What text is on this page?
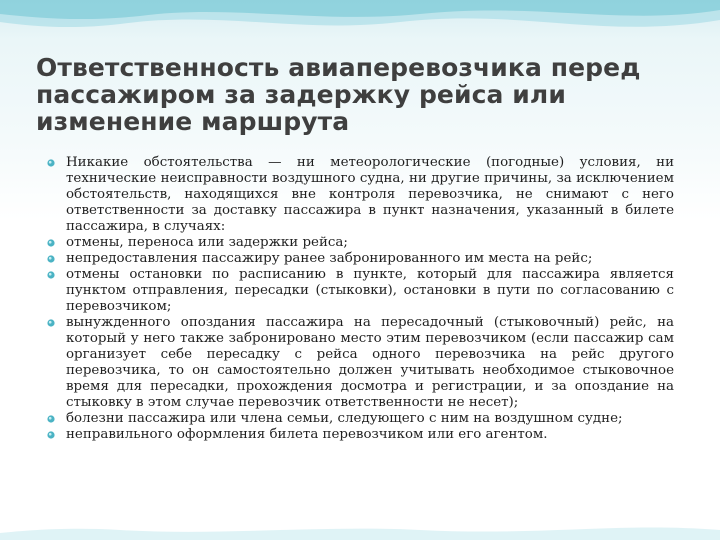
Ответственность авиаперевозчика перед пассажиром за задержку рейса или изменение маршрута
Никакие обстоятельства — ни метеорологические (погодные) условия, ни технические неисправности воздушного судна, ни другие причины, за исключением обстоятельств, находящихся вне контроля перевозчика, не снимают с него ответственности за доставку пассажира в пункт назначения, указанный в билете пассажира, в случаях:
отмены, переноса или задержки рейса;
непредоставления пассажиру ранее забронированного им места на рейс;
отмены остановки по расписанию в пункте, который для пассажира является пунктом отправления, пересадки (стыковки), остановки в пути по согласованию с перевозчиком;
вынужденного опоздания пассажира на пересадочный (стыковочный) рейс, на который у него также забронировано место этим перевозчиком (если пассажир сам организует себе пересадку с рейса одного перевозчика на рейс другого перевозчика, то он самостоятельно должен учитывать необходимое стыковочное время для пересадки, прохождения досмотра и регистрации, и за опоздание на стыковку в этом случае перевозчик ответственности не несет);
болезни пассажира или члена семьи, следующего с ним на воздушном судне;
неправильного оформления билета перевозчиком или его агентом.
